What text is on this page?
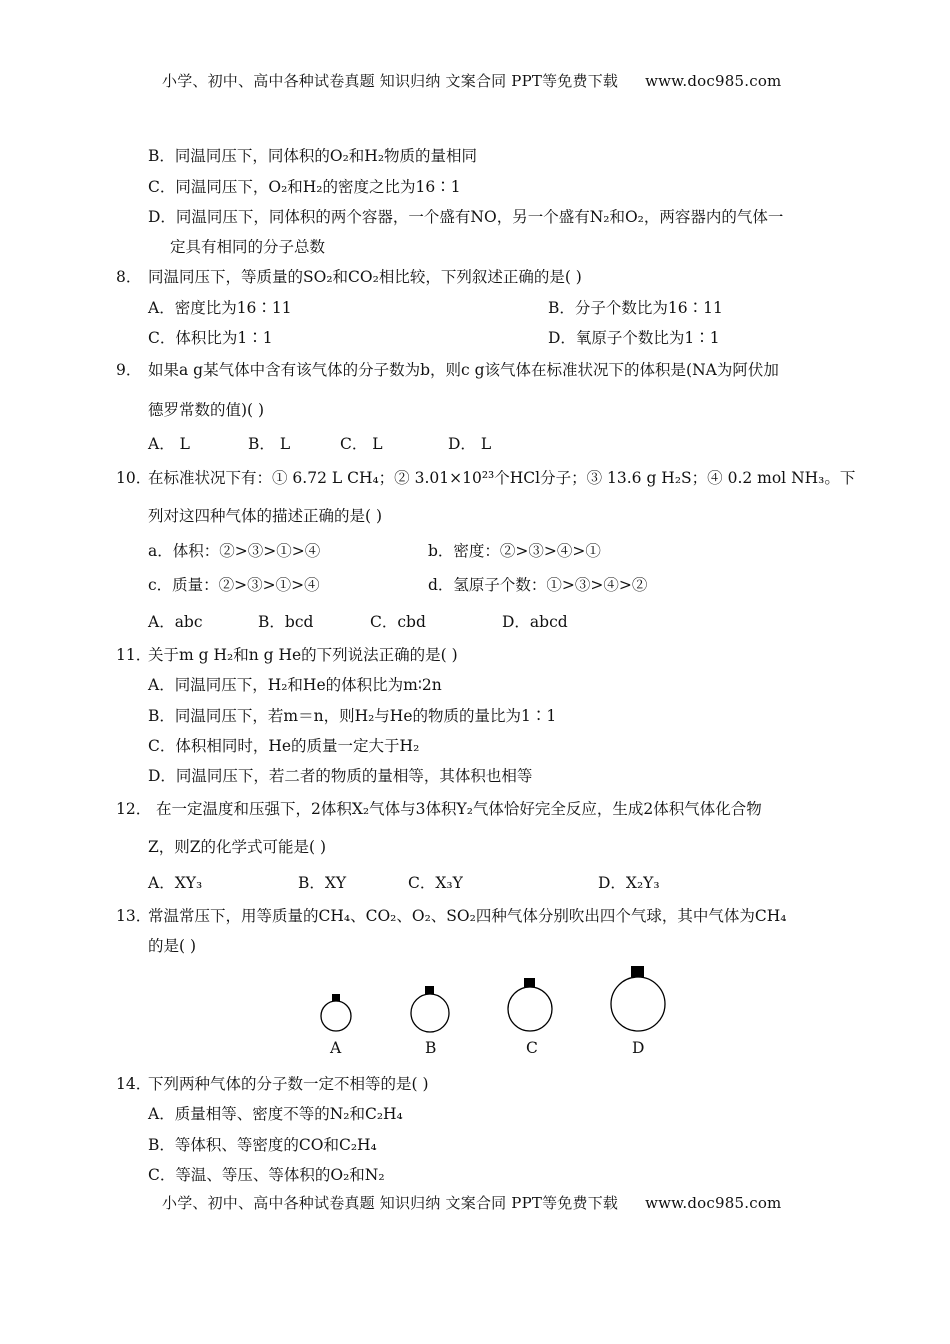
小学、初中、高中各种试卷真题 知识归纳 文案合同 PPT等免费下载 www.doc985.com
B．同温同压下，同体积的O₂和H₂物质的量相同
C．同温同压下，O₂和H₂的密度之比为16∶1
D．同温同压下，同体积的两个容器，一个盛有NO，另一个盛有N₂和O₂，两容器内的气体一
定具有相同的分子总数
8． 同温同压下，等质量的SO₂和CO₂相比较，下列叙述正确的是( )
A．密度比为16∶11	B．分子个数比为16∶11
C．体积比为1∶1	D．氧原子个数比为1∶1
9． 如果a g某气体中含有该气体的分子数为b，则c g该气体在标准状况下的体积是(NA为阿伏加
德罗常数的值)( )
A． L	B． L	C． L	D． L
10．
在标准状况下有：① 6.72 L CH₄；② 3.01×10²³个HCl分子；③ 13.6 g H₂S；④ 0.2 mol NH₃。下
列对这四种气体的描述正确的是( )
a．体积：②>③>①>④	b．密度：②>③>④>①
c．质量：②>③>①>④	d．氢原子个数：①>③>④>②
A．abc	B．bcd	C．cbd	D．abcd
11．
关于m g H₂和n g He的下列说法正确的是( )
A．同温同压下，H₂和He的体积比为m∶2n
B．同温同压下，若m＝n，则H₂与He的物质的量比为1∶1
C．体积相同时，He的质量一定大于H₂
D．同温同压下，若二者的物质的量相等，其体积也相等
12． 在一定温度和压强下，2体积X₂气体与3体积Y₂气体恰好完全反应，生成2体积气体化合物
Z，则Z的化学式可能是( )
A．XY₃	B．XY	C．X₃Y	D．X₂Y₃
13．
常温常压下，用等质量的CH₄、CO₂、O₂、SO₂四种气体分别吹出四个气球，其中气体为CH₄
的是( )
A	B	C	D
14．
下列两种气体的分子数一定不相等的是( )
A．质量相等、密度不等的N₂和C₂H₄
B．等体积、等密度的CO和C₂H₄
C．等温、等压、等体积的O₂和N₂
小学、初中、高中各种试卷真题 知识归纳 文案合同 PPT等免费下载 www.doc985.com
